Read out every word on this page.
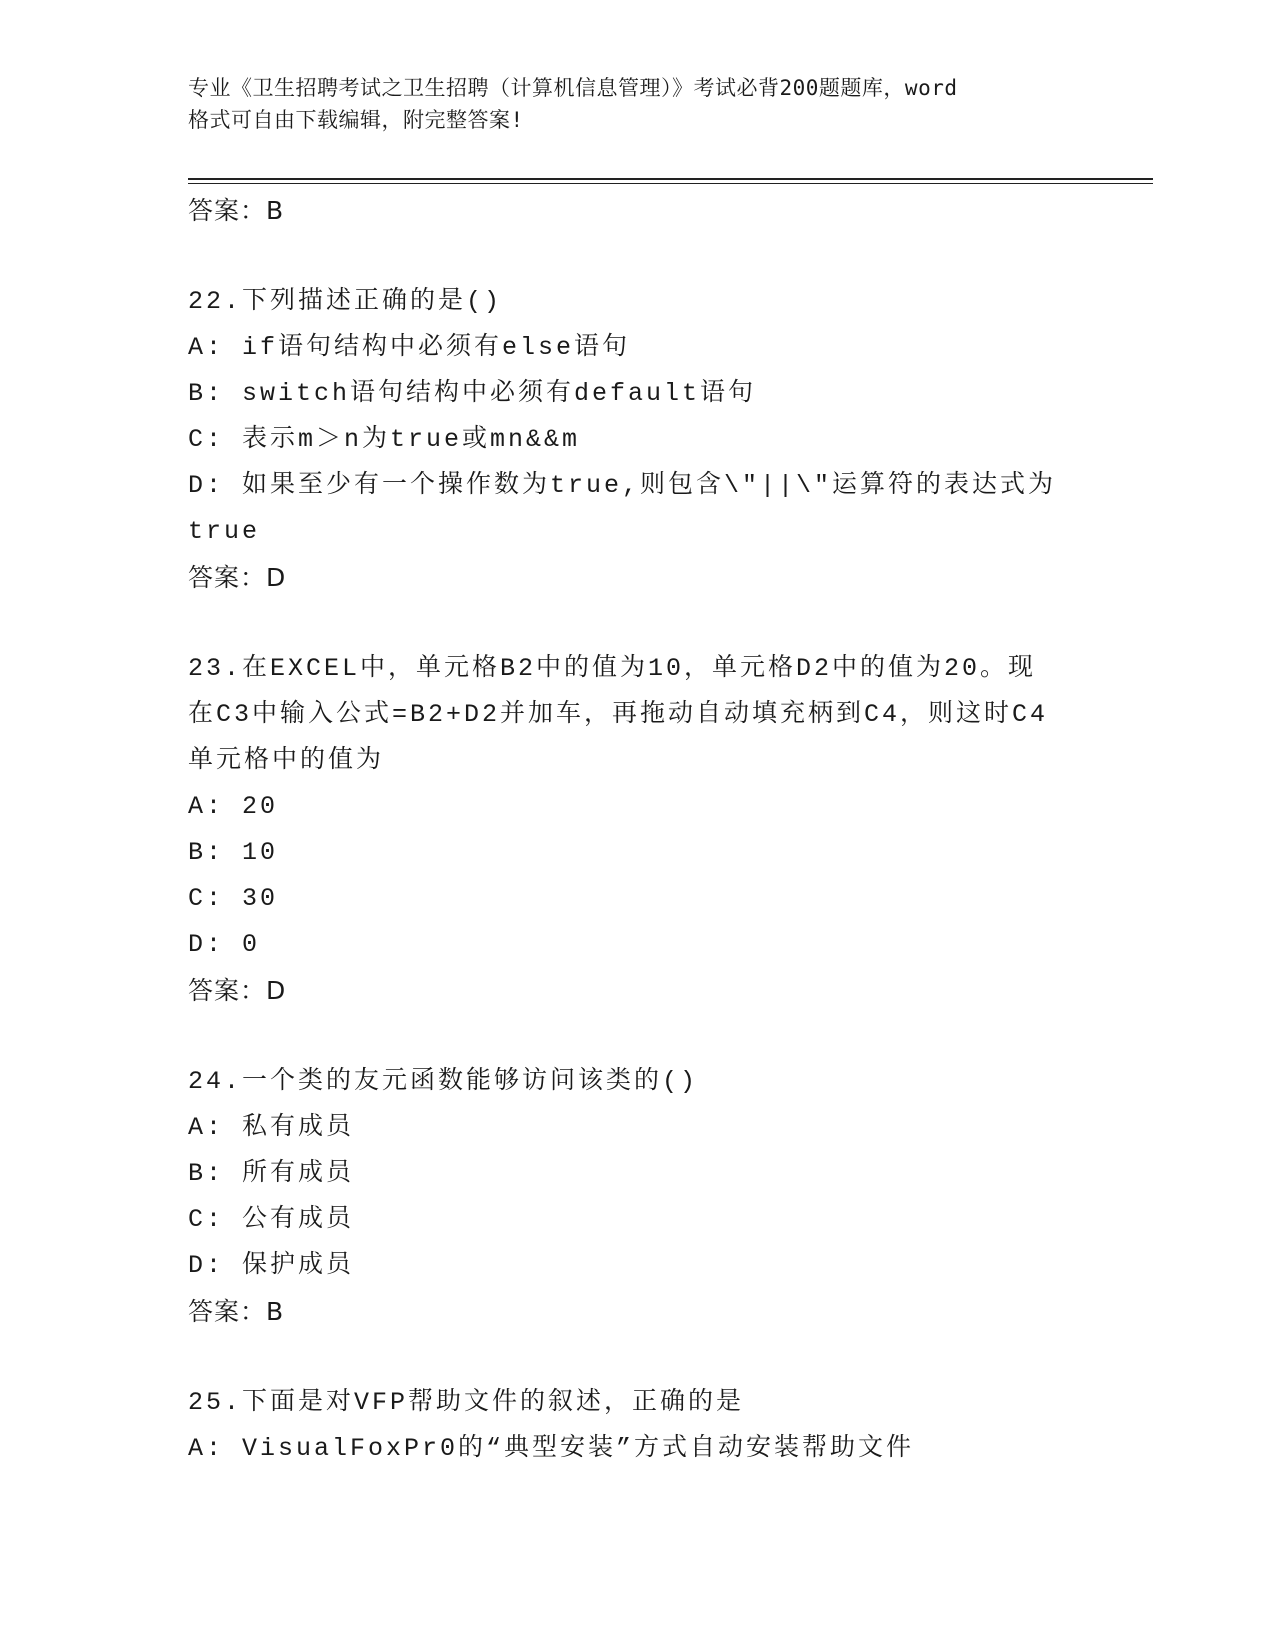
专业《卫生招聘考试之卫生招聘（计算机信息管理）》考试必背200题题库，word
格式可自由下载编辑，附完整答案!
答案：B
22.下列描述正确的是()
A: if语句结构中必须有else语句
B: switch语句结构中必须有default语句
C: 表示m＞n为true或mn&&m
D: 如果至少有一个操作数为true,则包含\"||\"运算符的表达式为
true
答案：D
23.在EXCEL中，单元格B2中的值为10，单元格D2中的值为20。现
在C3中输入公式=B2+D2并加车，再拖动自动填充柄到C4，则这时C4
单元格中的值为
A: 20
B: 10
C: 30
D: 0
答案：D
24.一个类的友元函数能够访问该类的()
A: 私有成员
B: 所有成员
C: 公有成员
D: 保护成员
答案：B
25.下面是对VFP帮助文件的叙述，正确的是
A: VisualFoxPr0的“典型安装”方式自动安装帮助文件
